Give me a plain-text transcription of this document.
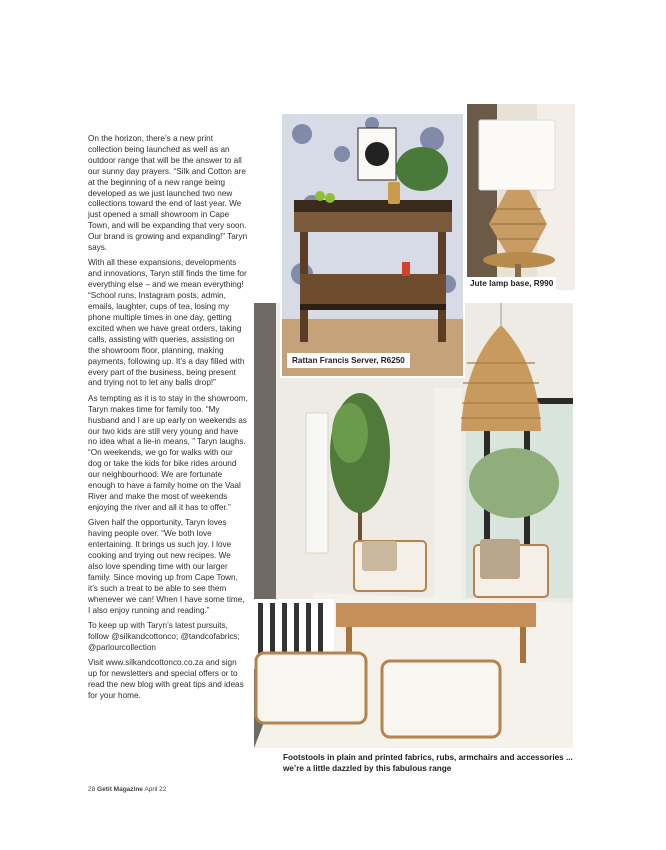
On the horizon, there’s a new print collection being launched as well as an outdoor range that will be the answer to all our sunny day prayers. “Silk and Cotton are at the beginning of a new range being developed as we just launched two new collections toward the end of last year. We just opened a small showroom in Cape Town, and will be expanding that very soon. Our brand is growing and expanding!” Taryn says.

With all these expansions, developments and innovations, Taryn still finds the time for everything else – and we mean everything! “School runs, Instagram posts, admin, emails, laughter, cups of tea, losing my phone multiple times in one day, getting excited when we have great orders, taking calls, assisting with queries, assisting on the showroom floor, planning, making payments, following up. It’s a day filled with every part of the business, being present and trying not to let any balls drop!”

As tempting as it is to stay in the showroom, Taryn makes time for family too. “My husband and I are up early on weekends as our two kids are still very young and have no idea what a lie-in means, ” Taryn laughs. “On weekends, we go for walks with our dog or take the kids for bike rides around our neighbourhood. We are fortunate enough to have a family home on the Vaal River and make the most of weekends enjoying the river and all it has to offer.”

Given half the opportunity, Taryn loves having people over. “We both love entertaining. It brings us such joy. I love cooking and trying out new recipes. We also love spending time with our larger family. Since moving up from Cape Town, it’s such a treat to be able to see them whenever we can! When I have some time, I also enjoy running and reading.”

To keep up with Taryn’s latest pursuits, follow @silkandcottonco; @tandcofabrics; @parlourcollection

Visit www.silkandcottonco.co.za and sign up for newsletters and special offers or to read the new blog with great tips and ideas for your home.

Rattan Francis Server, R6250
Jute lamp base, R990
Footstools in plain and printed fabrics, rubs, armchairs and accessories ... we’re a little dazzled by this fabulous range
28 Getit Magazine April 22
